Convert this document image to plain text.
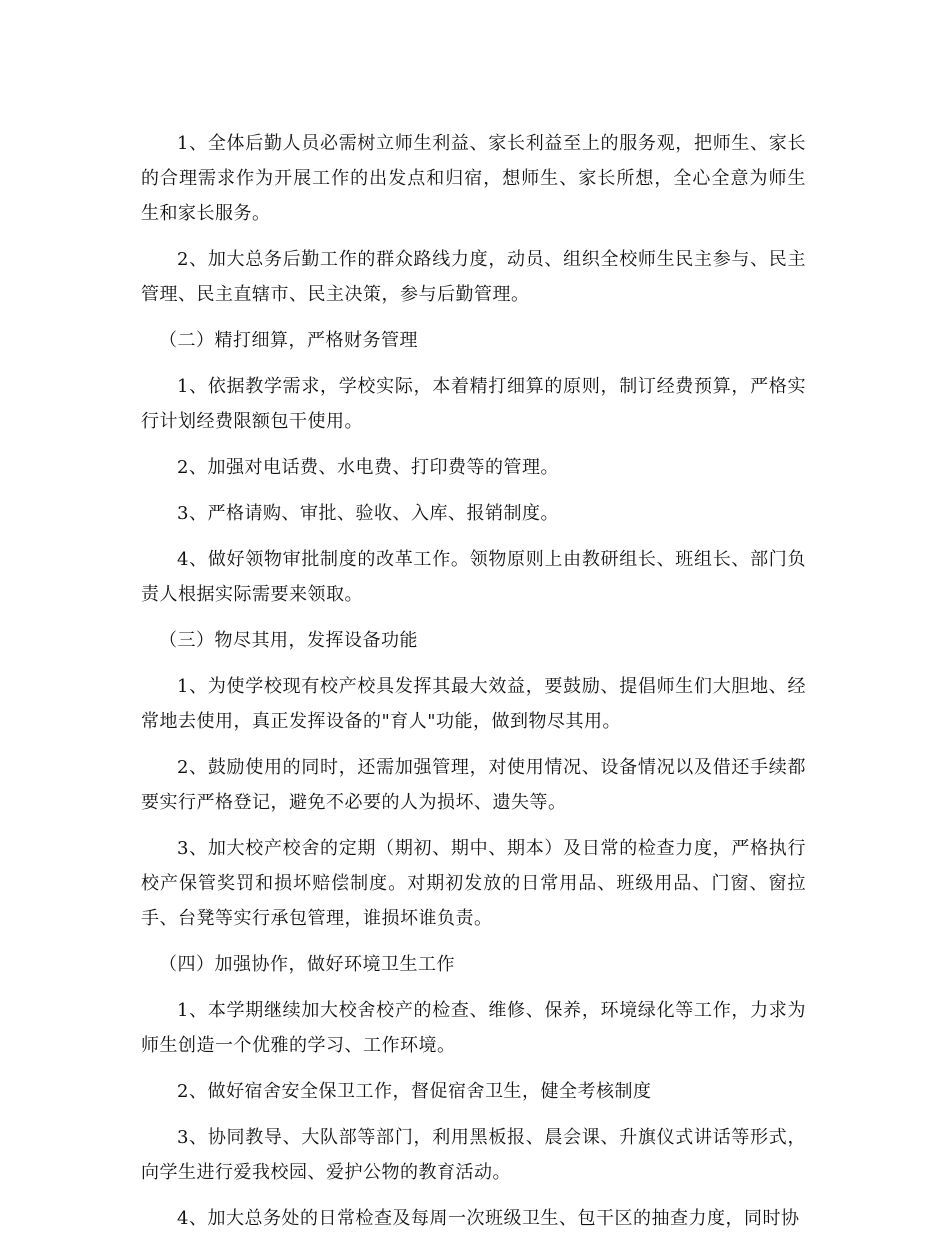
1、全体后勤人员必需树立师生利益、家长利益至上的服务观，把师生、家长的合理需求作为开展工作的出发点和归宿，想师生、家长所想，全心全意为师生生和家长服务。

2、加大总务后勤工作的群众路线力度，动员、组织全校师生民主参与、民主管理、民主直辖市、民主决策，参与后勤管理。

（二）精打细算，严格财务管理

1、依据教学需求，学校实际，本着精打细算的原则，制订经费预算，严格实行计划经费限额包干使用。

2、加强对电话费、水电费、打印费等的管理。

3、严格请购、审批、验收、入库、报销制度。

4、做好领物审批制度的改革工作。领物原则上由教研组长、班组长、部门负责人根据实际需要来领取。

（三）物尽其用，发挥设备功能

1、为使学校现有校产校具发挥其最大效益，要鼓励、提倡师生们大胆地、经常地去使用，真正发挥设备的"育人"功能，做到物尽其用。

2、鼓励使用的同时，还需加强管理，对使用情况、设备情况以及借还手续都要实行严格登记，避免不必要的人为损坏、遗失等。

3、加大校产校舍的定期（期初、期中、期本）及日常的检查力度，严格执行校产保管奖罚和损坏赔偿制度。对期初发放的日常用品、班级用品、门窗、窗拉手、台凳等实行承包管理，谁损坏谁负责。

（四）加强协作，做好环境卫生工作

1、本学期继续加大校舍校产的检查、维修、保养，环境绿化等工作，力求为师生创造一个优雅的学习、工作环境。

2、做好宿舍安全保卫工作，督促宿舍卫生，健全考核制度

3、协同教导、大队部等部门，利用黑板报、晨会课、升旗仪式讲话等形式，向学生进行爱我校园、爱护公物的教育活动。

4、加大总务处的日常检查及每周一次班级卫生、包干区的抽查力度，同时协
